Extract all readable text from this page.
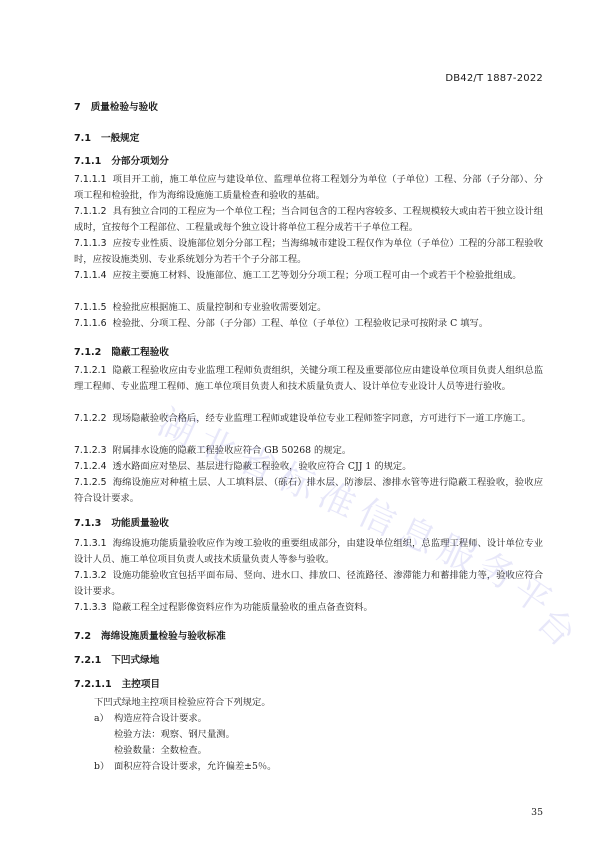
DB42/T 1887-2022
7 质量检验与验收
7.1 一般规定
7.1.1 分部分项划分
7.1.1.1 项目开工前，施工单位应与建设单位、监理单位将工程划分为单位（子单位）工程、分部（子分部）、分项工程和检验批，作为海绵设施施工质量检查和验收的基础。
7.1.1.2 具有独立合同的工程应为一个单位工程；当合同包含的工程内容较多、工程规模较大或由若干独立设计组成时，宜按每个工程部位、工程量或每个独立设计将单位工程分成若干子单位工程。
7.1.1.3 应按专业性质、设施部位划分分部工程；当海绵城市建设工程仅作为单位（子单位）工程的分部工程验收时，应按设施类别、专业系统划分为若干个子分部工程。
7.1.1.4 应按主要施工材料、设施部位、施工工艺等划分分项工程；分项工程可由一个或若干个检验批组成。
7.1.1.5 检验批应根据施工、质量控制和专业验收需要划定。
7.1.1.6 检验批、分项工程、分部（子分部）工程、单位（子单位）工程验收记录可按附录 C 填写。
7.1.2 隐蔽工程验收
7.1.2.1 隐蔽工程验收应由专业监理工程师负责组织，关键分项工程及重要部位应由建设单位项目负责人组织总监理工程师、专业监理工程师、施工单位项目负责人和技术质量负责人、设计单位专业设计人员等进行验收。
7.1.2.2 现场隐蔽验收合格后，经专业监理工程师或建设单位专业工程师签字同意，方可进行下一道工序施工。
7.1.2.3 附属排水设施的隐蔽工程验收应符合 GB 50268 的规定。
7.1.2.4 透水路面应对垫层、基层进行隐蔽工程验收，验收应符合 CJJ 1 的规定。
7.1.2.5 海绵设施应对种植土层、人工填料层、（砾石）排水层、防渗层、渗排水管等进行隐蔽工程验收，验收应符合设计要求。
7.1.3 功能质量验收
7.1.3.1 海绵设施功能质量验收应作为竣工验收的重要组成部分，由建设单位组织，总监理工程师、设计单位专业设计人员、施工单位项目负责人或技术质量负责人等参与验收。
7.1.3.2 设施功能验收宜包括平面布局、竖向、进水口、排放口、径流路径、渗滞能力和蓄排能力等，验收应符合设计要求。
7.1.3.3 隐蔽工程全过程影像资料应作为功能质量验收的重点备查资料。
7.2 海绵设施质量检验与验收标准
7.2.1 下凹式绿地
7.2.1.1 主控项目
下凹式绿地主控项目检验应符合下列规定。
a） 构造应符合设计要求。
检验方法：观察、钢尺量测。
检验数量：全数检查。
b） 面积应符合设计要求，允许偏差±5％。
35
湖
北
省
标
准
信
息
服
务
平
台
